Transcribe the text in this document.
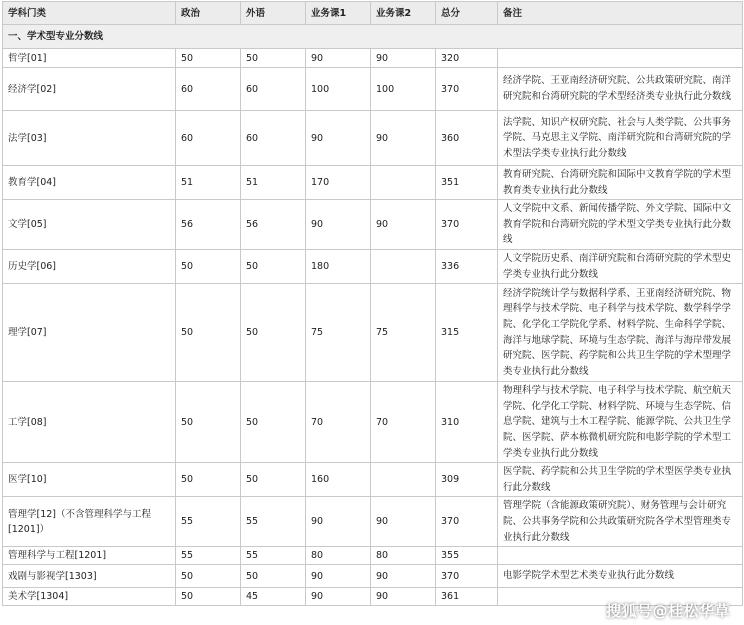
学科门类	政治	外语	业务课1	业务课2	总分	备注
一、学术型专业分数线						
哲学[01]	50	50	90	90	320	
经济学[02]	60	60	100	100	370	经济学院、王亚南经济研究院、公共政策研究院、南洋研究院和台湾研究院的学术型经济类专业执行此分数线
法学[03]	60	60	90	90	360	法学院、知识产权研究院、社会与人类学院、公共事务学院、马克思主义学院、南洋研究院和台湾研究院的学术型法学类专业执行此分数线
教育学[04]	51	51	170		351	教育研究院、台湾研究院和国际中文教育学院的学术型教育类专业执行此分数线
文学[05]	56	56	90	90	370	人文学院中文系、新闻传播学院、外文学院、国际中文教育学院和台湾研究院的学术型文学类专业执行此分数线
历史学[06]	50	50	180		336	人文学院历史系、南洋研究院和台湾研究院的学术型史学类专业执行此分数线
理学[07]	50	50	75	75	315	经济学院统计学与数据科学系、王亚南经济研究院、物理科学与技术学院、电子科学与技术学院、数学科学学院、化学化工学院化学系、材料学院、生命科学学院、海洋与地球学院、环境与生态学院、海洋与海岸带发展研究院、医学院、药学院和公共卫生学院的学术型理学类专业执行此分数线
工学[08]	50	50	70	70	310	物理科学与技术学院、电子科学与技术学院、航空航天学院、化学化工学院、材料学院、环境与生态学院、信息学院、建筑与土木工程学院、能源学院、公共卫生学院、医学院、萨本栋微机研究院和电影学院的学术型工学类专业执行此分数线
医学[10]	50	50	160		309	医学院、药学院和公共卫生学院的学术型医学类专业执行此分数线
管理学[12]（不含管理科学与工程[1201]）	55	55	90	90	370	管理学院（含能源政策研究院）、财务管理与会计研究院、公共事务学院和公共政策研究院各学术型管理类专业执行此分数线
管理科学与工程[1201]	55	55	80	80	355	
戏剧与影视学[1303]	50	50	90	90	370	电影学院学术型艺术类专业执行此分数线
美术学[1304]	50	45	90	90	361	
搜狐号@桂松华草
